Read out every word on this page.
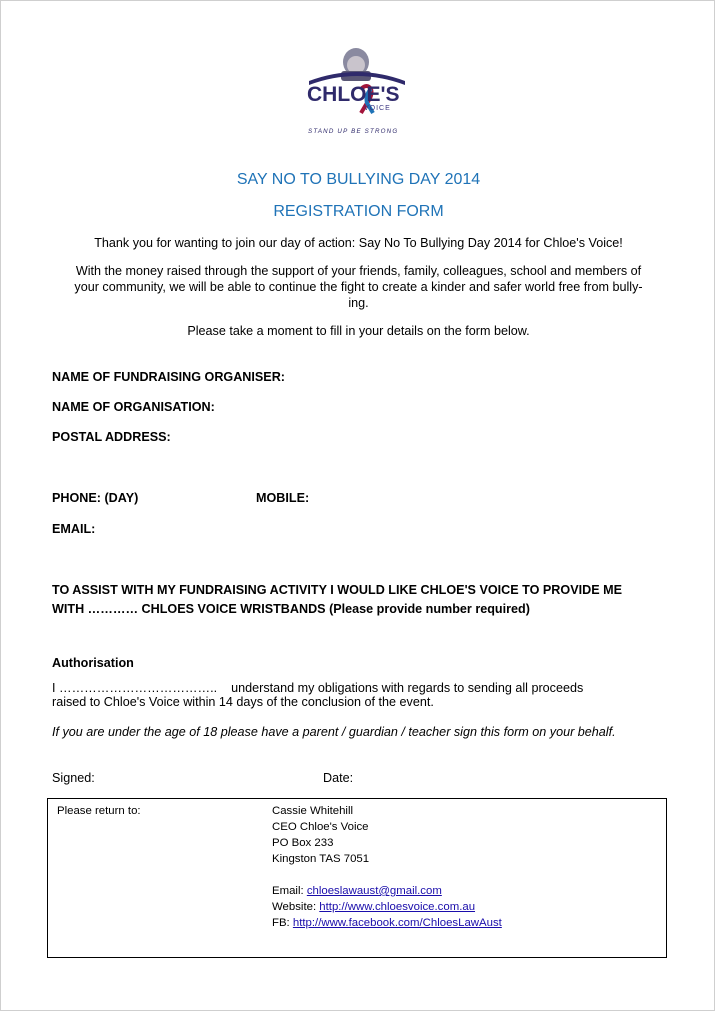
CHLOE'S
VOICE
STAND UP BE STRONG
SAY NO TO BULLYING DAY 2014
REGISTRATION FORM
Thank you for wanting to join our day of action: Say No To Bullying Day 2014 for Chloe's Voice!
With the money raised through the support of your friends, family, colleagues, school and members of
your community, we will be able to continue the fight to create a kinder and safer world free from bully-
ing.
Please take a moment to fill in your details on the form below.
NAME OF FUNDRAISING ORGANISER:
NAME OF ORGANISATION:
POSTAL ADDRESS:
PHONE: (DAY)	MOBILE:
EMAIL:
TO ASSIST WITH MY FUNDRAISING ACTIVITY I WOULD LIKE CHLOE'S VOICE TO PROVIDE ME
WITH ………… CHLOES VOICE WRISTBANDS (Please provide number required)
Authorisation
I ………………………………..    understand my obligations with regards to sending all proceeds
raised to Chloe's Voice within 14 days of the conclusion of the event.
If you are under the age of 18 please have a parent / guardian / teacher sign this form on your behalf.
Signed:	Date:
Please return to:	Cassie Whitehill
CEO Chloe's Voice
PO Box 233
Kingston TAS 7051
Email: chloeslawaust@gmail.com
Website: http://www.chloesvoice.com.au
FB: http://www.facebook.com/ChloesLawAust
